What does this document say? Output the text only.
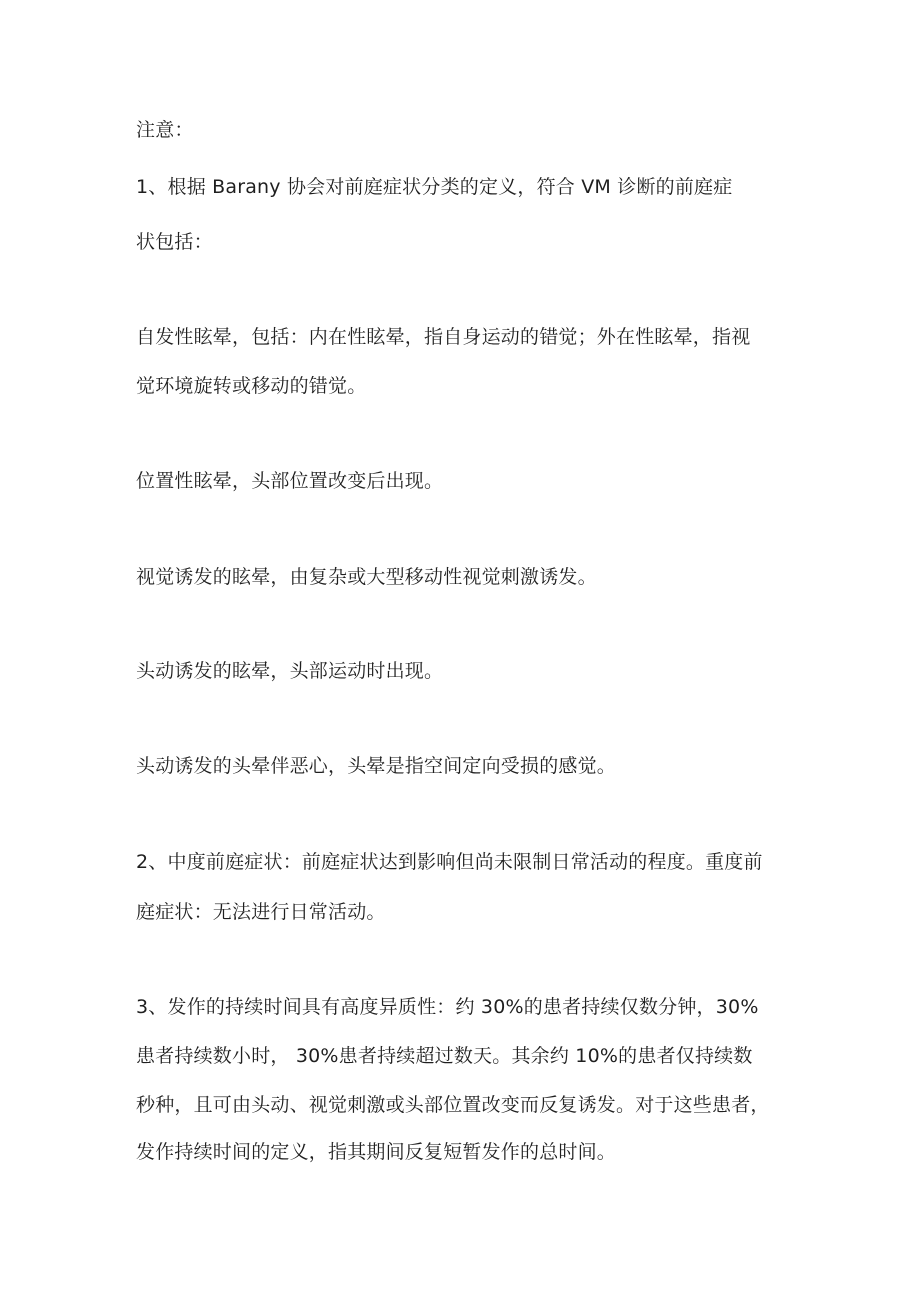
注意：
1、根据 Barany 协会对前庭症状分类的定义，符合 VM 诊断的前庭症
状包括：
自发性眩晕，包括：内在性眩晕，指自身运动的错觉；外在性眩晕，指视
觉环境旋转或移动的错觉。
位置性眩晕，头部位置改变后出现。
视觉诱发的眩晕，由复杂或大型移动性视觉刺激诱发。
头动诱发的眩晕，头部运动时出现。
头动诱发的头晕伴恶心，头晕是指空间定向受损的感觉。
2、中度前庭症状：前庭症状达到影响但尚未限制日常活动的程度。重度前
庭症状：无法进行日常活动。
3、发作的持续时间具有高度异质性：约 30%的患者持续仅数分钟，30%
患者持续数小时， 30%患者持续超过数天。其余约 10%的患者仅持续数
秒种，且可由头动、视觉刺激或头部位置改变而反复诱发。对于这些患者，
发作持续时间的定义，指其期间反复短暂发作的总时间。
